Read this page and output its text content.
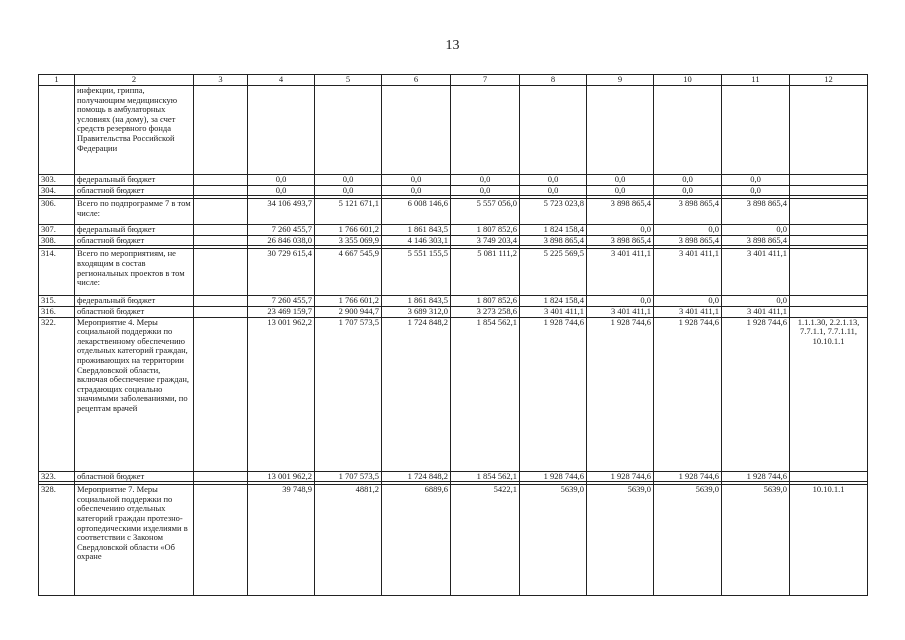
13
1	2	3	4	5	6	7	8	9	10	11	12
	инфекции, гриппа, получающим медицинскую помощь в амбулаторных условиях (на дому), за счет средств резервного фонда Правительства Российской Федерации										
303.	федеральный бюджет		0,0	0,0	0,0	0,0	0,0	0,0	0,0	0,0	
304.	областной бюджет		0,0	0,0	0,0	0,0	0,0	0,0	0,0	0,0	

306.	Всего по подпрограмме 7 в том числе:		34 106 493,7	5 121 671,1	6 008 146,6	5 557 056,0	5 723 023,8	3 898 865,4	3 898 865,4	3 898 865,4	
307.	федеральный бюджет		7 260 455,7	1 766 601,2	1 861 843,5	1 807 852,6	1 824 158,4	0,0	0,0	0,0	
308.	областной бюджет		26 846 038,0	3 355 069,9	4 146 303,1	3 749 203,4	3 898 865,4	3 898 865,4	3 898 865,4	3 898 865,4	

314.	Всего по мероприятиям, не входящим в состав региональных проектов в том числе:		30 729 615,4	4 667 545,9	5 551 155,5	5 081 111,2	5 225 569,5	3 401 411,1	3 401 411,1	3 401 411,1	
315.	федеральный бюджет		7 260 455,7	1 766 601,2	1 861 843,5	1 807 852,6	1 824 158,4	0,0	0,0	0,0	
316.	областной бюджет		23 469 159,7	2 900 944,7	3 689 312,0	3 273 258,6	3 401 411,1	3 401 411,1	3 401 411,1	3 401 411,1	
322.	Мероприятие 4. Меры социальной поддержки по лекарственному обеспечению отдельных категорий граждан, проживающих на территории Свердловской области, включая обеспечение граждан, страдающих социально значимыми заболеваниями, по рецептам врачей		13 001 962,2	1 707 573,5	1 724 848,2	1 854 562,1	1 928 744,6	1 928 744,6	1 928 744,6	1 928 744,6	1.1.1.30, 2.2.1.13, 7.7.1.1, 7.7.1.11, 10.10.1.1
323.	областной бюджет		13 001 962,2	1 707 573,5	1 724 848,2	1 854 562,1	1 928 744,6	1 928 744,6	1 928 744,6	1 928 744,6	

328.	Мероприятие 7. Меры социальной поддержки по обеспечению отдельных категорий граждан протезно-ортопедическими изделиями в соответствии с Законом Свердловской области «Об охране		39 748,9	4881,2	6889,6	5422,1	5639,0	5639,0	5639,0	5639,0	10.10.1.1
